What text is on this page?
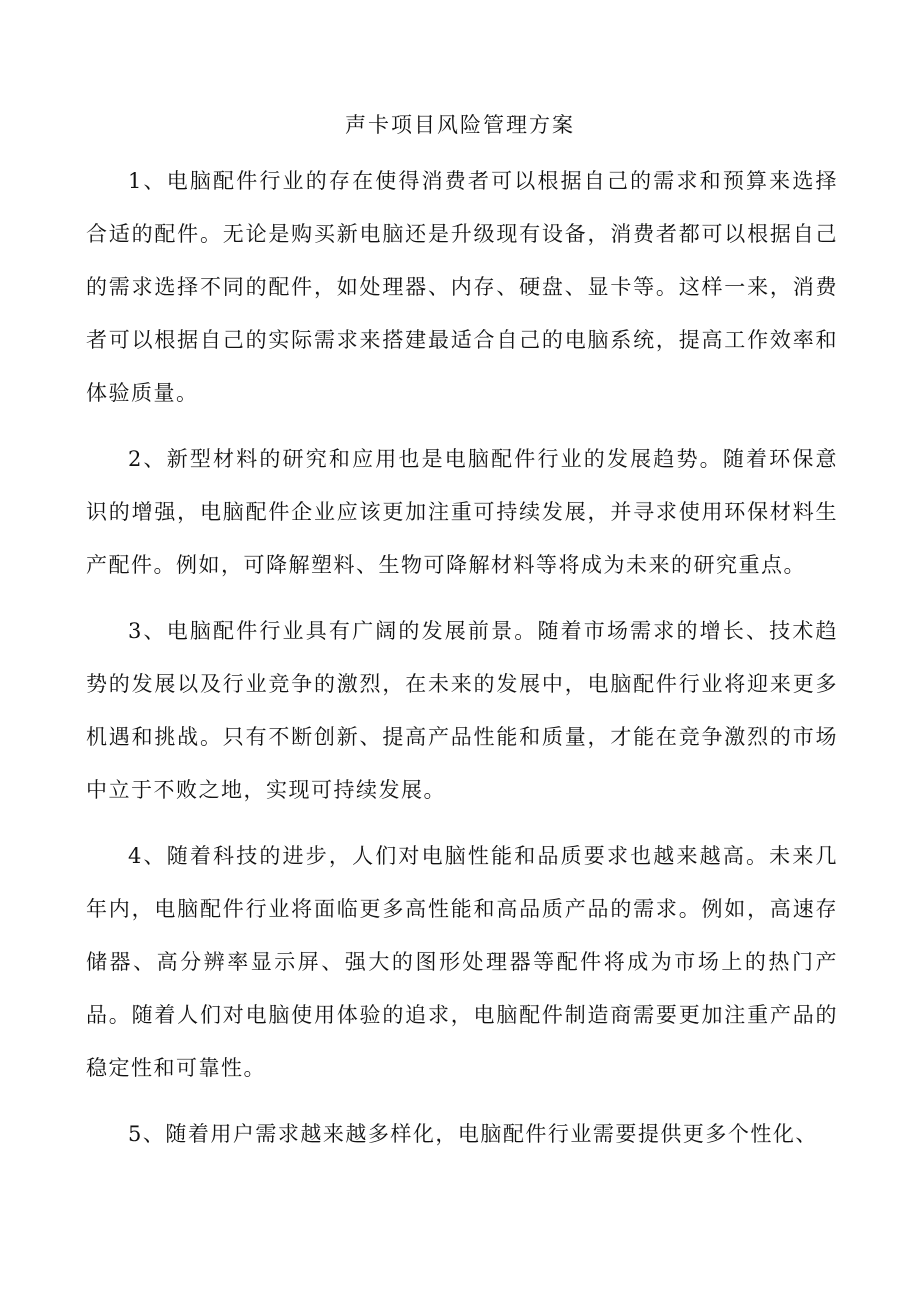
声卡项目风险管理方案

1、电脑配件行业的存在使得消费者可以根据自己的需求和预算来选择合适的配件。无论是购买新电脑还是升级现有设备，消费者都可以根据自己的需求选择不同的配件，如处理器、内存、硬盘、显卡等。这样一来，消费者可以根据自己的实际需求来搭建最适合自己的电脑系统，提高工作效率和体验质量。

2、新型材料的研究和应用也是电脑配件行业的发展趋势。随着环保意识的增强，电脑配件企业应该更加注重可持续发展，并寻求使用环保材料生产配件。例如，可降解塑料、生物可降解材料等将成为未来的研究重点。

3、电脑配件行业具有广阔的发展前景。随着市场需求的增长、技术趋势的发展以及行业竞争的激烈，在未来的发展中，电脑配件行业将迎来更多机遇和挑战。只有不断创新、提高产品性能和质量，才能在竞争激烈的市场中立于不败之地，实现可持续发展。

4、随着科技的进步，人们对电脑性能和品质要求也越来越高。未来几年内，电脑配件行业将面临更多高性能和高品质产品的需求。例如，高速存储器、高分辨率显示屏、强大的图形处理器等配件将成为市场上的热门产品。随着人们对电脑使用体验的追求，电脑配件制造商需要更加注重产品的稳定性和可靠性。

5、随着用户需求越来越多样化，电脑配件行业需要提供更多个性化、
